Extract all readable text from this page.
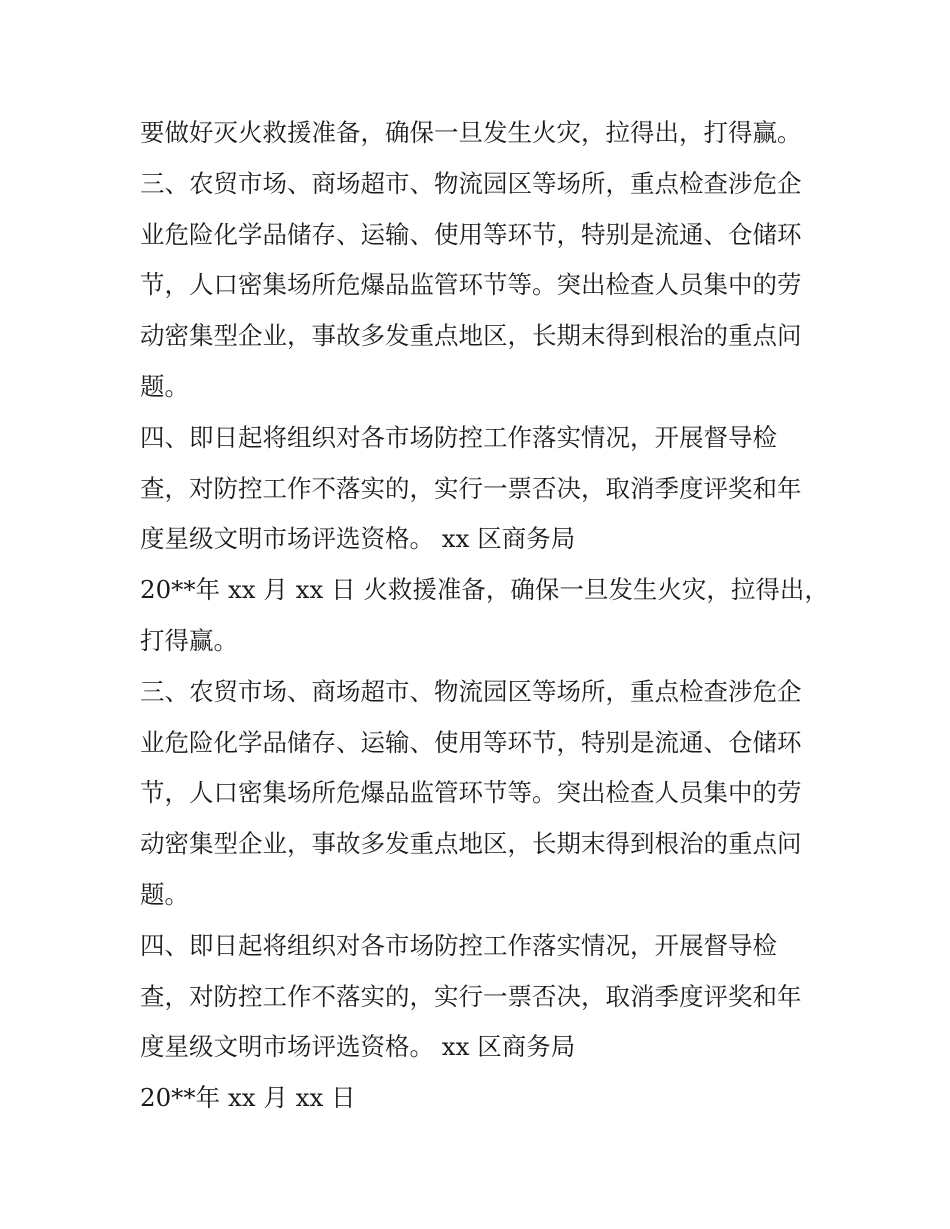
要做好灭火救援准备，确保一旦发生火灾，拉得出，打得赢。
三、农贸市场、商场超市、物流园区等场所，重点检查涉危企
业危险化学品储存、运输、使用等环节，特别是流通、仓储环
节，人口密集场所危爆品监管环节等。突出检查人员集中的劳
动密集型企业，事故多发重点地区，长期末得到根治的重点问
题。
四、即日起将组织对各市场防控工作落实情况，开展督导检
查，对防控工作不落实的，实行一票否决，取消季度评奖和年
度星级文明市场评选资格。 xx 区商务局
20**年 xx 月 xx 日 火救援准备，确保一旦发生火灾，拉得出，
打得赢。
三、农贸市场、商场超市、物流园区等场所，重点检查涉危企
业危险化学品储存、运输、使用等环节，特别是流通、仓储环
节，人口密集场所危爆品监管环节等。突出检查人员集中的劳
动密集型企业，事故多发重点地区，长期末得到根治的重点问
题。
四、即日起将组织对各市场防控工作落实情况，开展督导检
查，对防控工作不落实的，实行一票否决，取消季度评奖和年
度星级文明市场评选资格。 xx 区商务局
20**年 xx 月 xx 日
